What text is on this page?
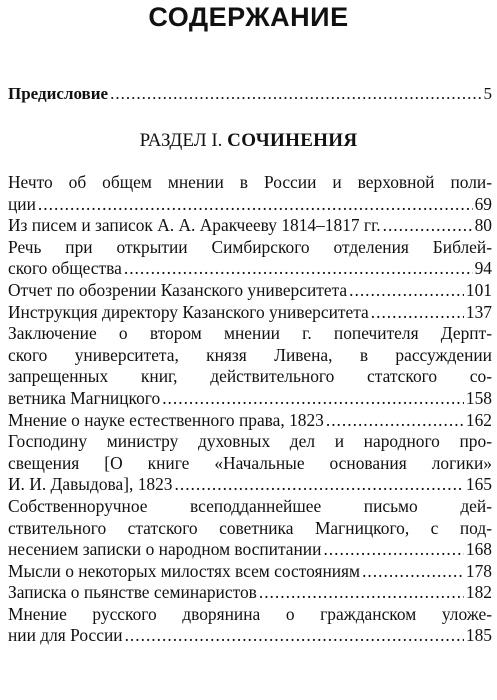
СОДЕРЖАНИЕ
Предисловие .....	5
РАЗДЕЛ I. СОЧИНЕНИЯ
Нечто об общем мнении в России и верховной поли-
ции .....	69
Из писем и записок А. А. Аракчееву 1814–1817 гг. .....	80
Речь при открытии Симбирского отделения Библей-
ского общества .....	94
Отчет по обозрении Казанского университета .....	101
Инструкция директору Казанского университета .....	137
Заключение о втором мнении г. попечителя Дерпт-
ского университета, князя Ливена, в рассуждении
запрещенных книг, действительного статского со-
ветника Магницкого .....	158
Мнение о науке естественного права, 1823 .....	162
Господину министру духовных дел и народного про-
свещения [О книге «Начальные основания логики»
И. И. Давыдова], 1823 .....	165
Собственноручное всеподданнейшее письмо дей-
ствительного статского советника Магницкого, с под-
несением записки о народном воспитании .....	168
Мысли о некоторых милостях всем состояниям .....	178
Записка о пьянстве семинаристов .....	182
Мнение русского дворянина о гражданском уложе-
нии для России .....	185
